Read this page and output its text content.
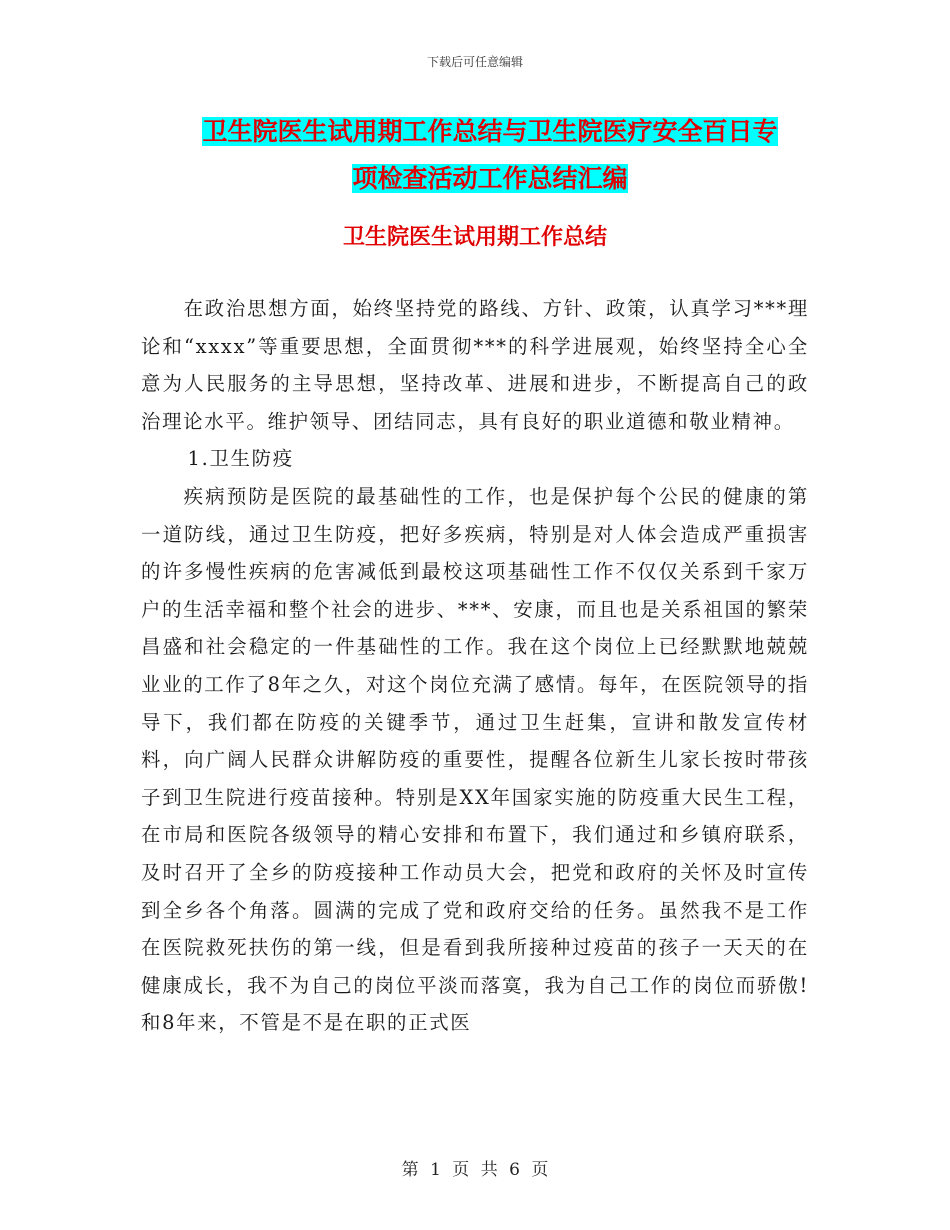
下载后可任意编辑
卫生院医生试用期工作总结与卫生院医疗安全百日专
项检查活动工作总结汇编
卫生院医生试用期工作总结

在政治思想方面，始终坚持党的路线、方针、政策，认真学习***理论和“xxxx”等重要思想，全面贯彻***的科学进展观，始终坚持全心全意为人民服务的主导思想，坚持改革、进展和进步，不断提高自己的政治理论水平。维护领导、团结同志，具有良好的职业道德和敬业精神。

1.卫生防疫

疾病预防是医院的最基础性的工作，也是保护每个公民的健康的第一道防线，通过卫生防疫，把好多疾病，特别是对人体会造成严重损害的许多慢性疾病的危害减低到最校这项基础性工作不仅仅关系到千家万户的生活幸福和整个社会的进步、***、安康，而且也是关系祖国的繁荣昌盛和社会稳定的一件基础性的工作。我在这个岗位上已经默默地兢兢业业的工作了8年之久，对这个岗位充满了感情。每年，在医院领导的指导下，我们都在防疫的关键季节，通过卫生赶集，宣讲和散发宣传材料，向广阔人民群众讲解防疫的重要性，提醒各位新生儿家长按时带孩子到卫生院进行疫苗接种。特别是XX年国家实施的防疫重大民生工程，在市局和医院各级领导的精心安排和布置下，我们通过和乡镇府联系，及时召开了全乡的防疫接种工作动员大会，把党和政府的关怀及时宣传到全乡各个角落。圆满的完成了党和政府交给的任务。虽然我不是工作在医院救死扶伤的第一线，但是看到我所接种过疫苗的孩子一天天的在健康成长，我不为自己的岗位平淡而落寞，我为自己工作的岗位而骄傲!和8年来，不管是不是在职的正式医

第 1 页 共 6 页
